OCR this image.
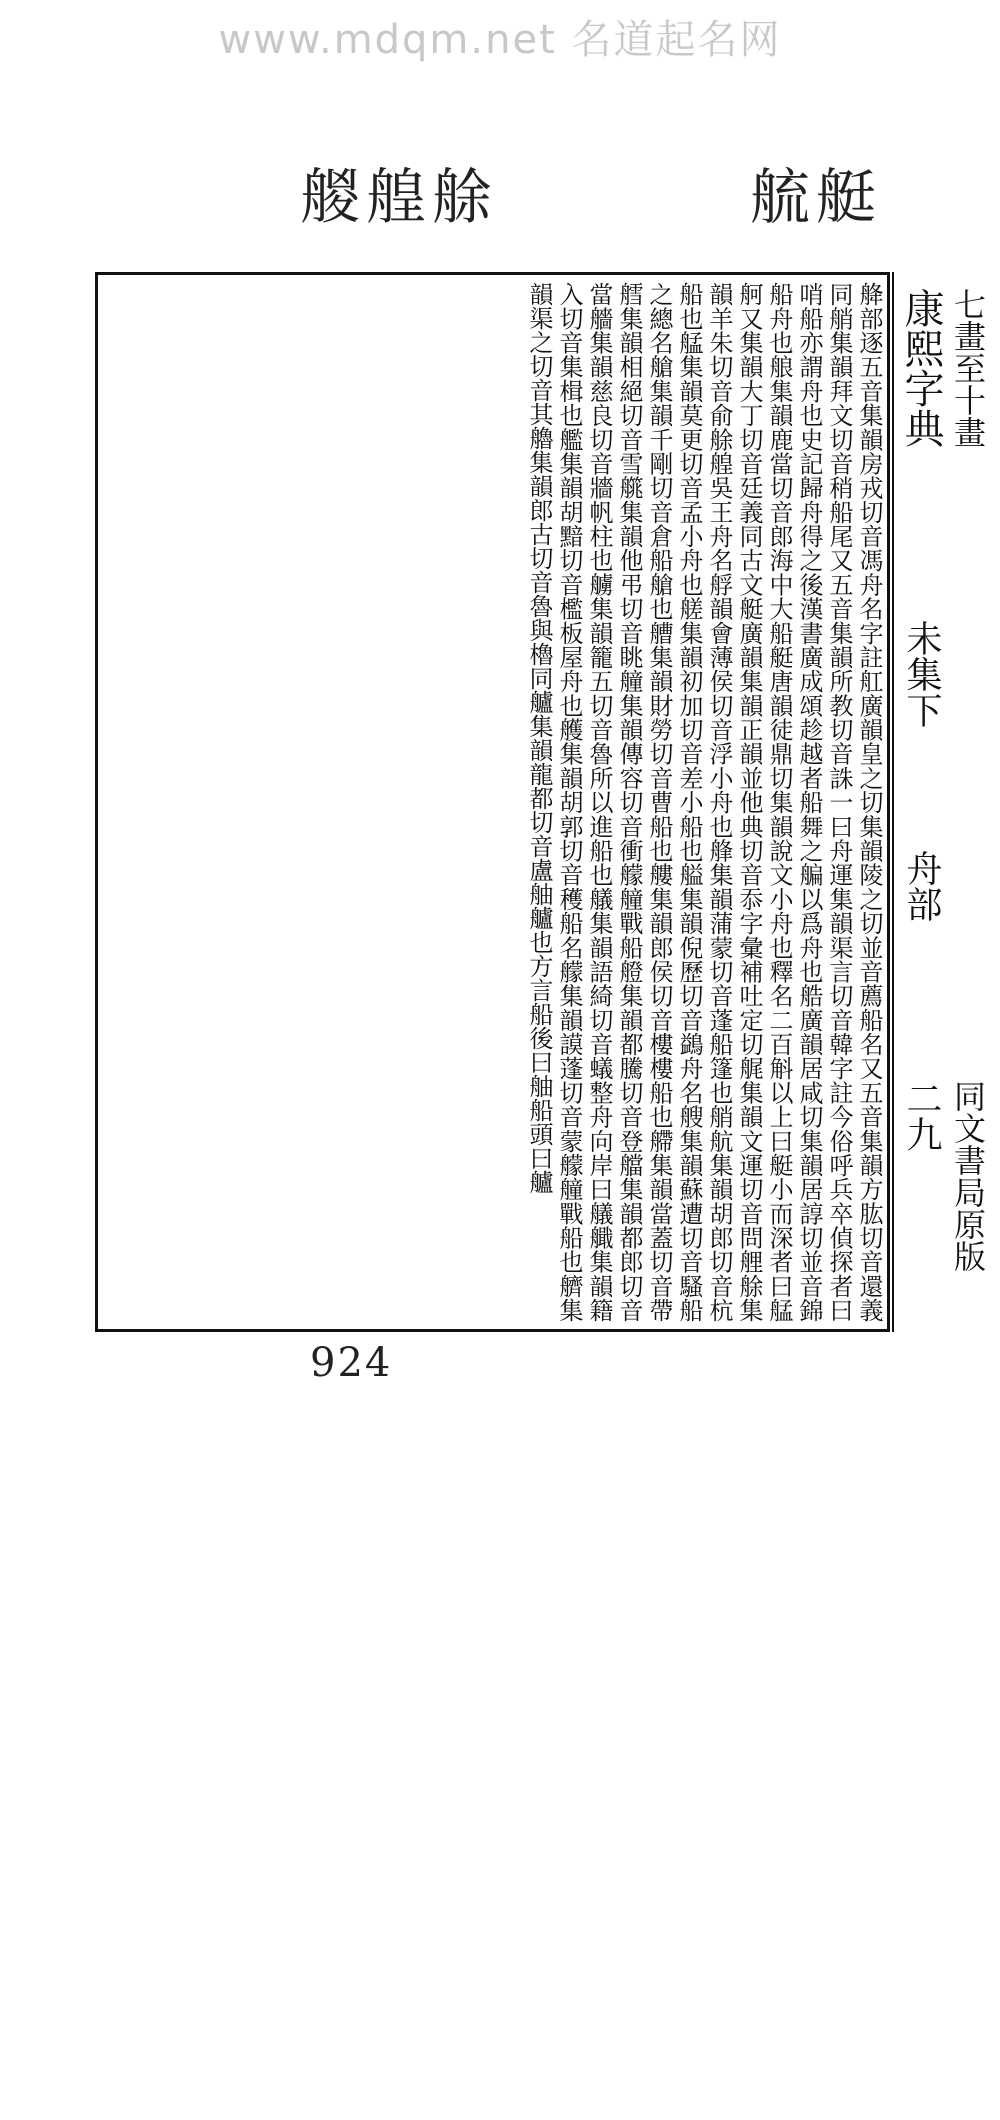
www.mdqm.net 名道起名网
艐艎艅	艈艇
舽部逐五音集韻房戎切音馮舟名字註舡廣韻皇之切集韻陵之切並音薦船名又五音集韻方肱切音還義同艄集韻拜文切音稍船尾又五音集韻所教切音誅一曰舟運集韻渠言切音韓字註今俗呼兵卒偵探者曰哨船亦謂舟也史記歸舟得之後漢書廣成頌趁越者船舞之艑以爲舟也艁廣韻居咸切集韻居諄切並音錦船舟也艆集韻鹿當切音郎海中大船艇唐韻徒鼎切集韻說文小舟也釋名二百斛以上曰艇小而深者曰艋舸又集韻大丁切音廷義同古文艇廣韻集韻正韻並他典切音忝字彙補吐定切艉集韻文運切音問艃艅集韻羊朱切音俞艅艎吳王舟名艀韻會薄侯切音浮小舟也艂集韻蒲蒙切音蓬船篷也艄航集韻胡郎切音杭船也艋集韻莫更切音孟小舟也艖集韻初加切音差小船也艗集韻倪歷切音鷁舟名艘集韻蘇遭切音騷船之總名艙集韻千剛切音倉船艙也艚集韻財勞切音曹船也艛集韻郎侯切音樓樓船也艜集韻當蓋切音帶艝集韻相絕切音雪艞集韻他弔切音眺艟集韻傳容切音衝艨艟戰船艠集韻都騰切音登艡集韻都郎切音當艢集韻慈良切音牆帆柱也艣集韻籠五切音魯所以進船也艤集韻語綺切音蟻整舟向岸曰艤艥集韻籍入切音集楫也艦集韻胡黯切音檻板屋舟也艧集韻胡郭切音穫船名艨集韻謨蓬切音蒙艨艟戰船也艩集韻渠之切音其艪集韻郎古切音魯與櫓同艫集韻龍都切音盧舳艫也方言船後曰舳船頭曰艫	康熙字典
未集下
舟部
七畫至十畫
二九 同文書局原版
924
